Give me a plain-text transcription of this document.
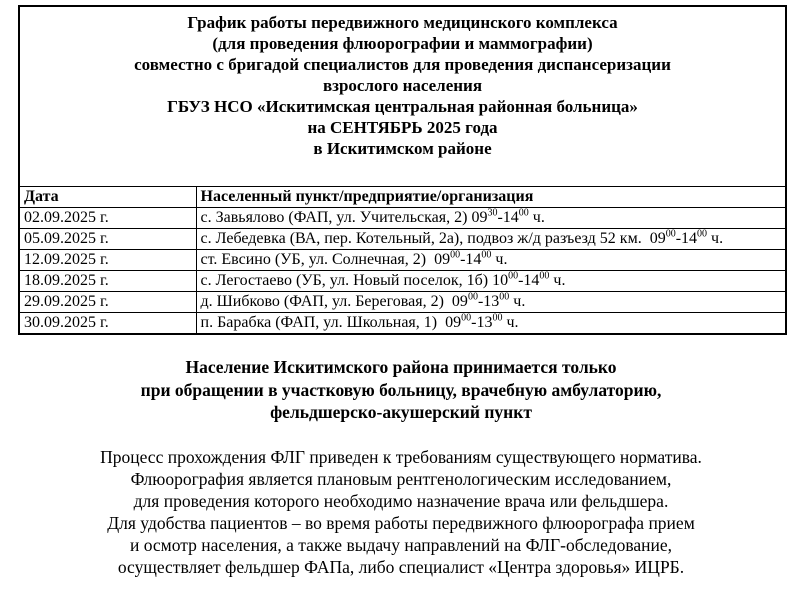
График работы передвижного медицинского комплекса
(для проведения флюорографии и маммографии)
совместно с бригадой специалистов для проведения диспансеризации
взрослого населения
ГБУЗ НСО «Искитимская центральная районная больница»
на СЕНТЯБРЬ 2025 года
в Искитимском районе

Дата	Населенный пункт/предприятие/организация
02.09.2025 г.	с. Завьялово (ФАП, ул. Учительская, 2) $09^{30}-14^{00}$ ч.
05.09.2025 г.	с. Лебедевка (ВА, пер. Котельный, 2а), подвоз ж/д разъезд 52 км.  $09^{00}-14^{00}$ ч.
12.09.2025 г.	ст. Евсино (УБ, ул. Солнечная, 2)  $09^{00}-14^{00}$ ч.
18.09.2025 г.	с. Легостаево (УБ, ул. Новый поселок, 1б) $10^{00}-14^{00}$ ч.
29.09.2025 г.	д. Шибково (ФАП, ул. Береговая, 2)  $09^{00}-13^{00}$ ч.
30.09.2025 г.	п. Барабка (ФАП, ул. Школьная, 1)  $09^{00}-13^{00}$ ч.
Население Искитимского района принимается только
при обращении в участковую больницу, врачебную амбулаторию,
фельдшерско-акушерский пункт
Процесс прохождения ФЛГ приведен к требованиям существующего норматива.
Флюорография является плановым рентгенологическим исследованием,
для проведения которого необходимо назначение врача или фельдшера.
Для удобства пациентов – во время работы передвижного флюорографа прием
и осмотр населения, а также выдачу направлений на ФЛГ-обследование,
осуществляет фельдшер ФАПа, либо специалист «Центра здоровья» ИЦРБ.
